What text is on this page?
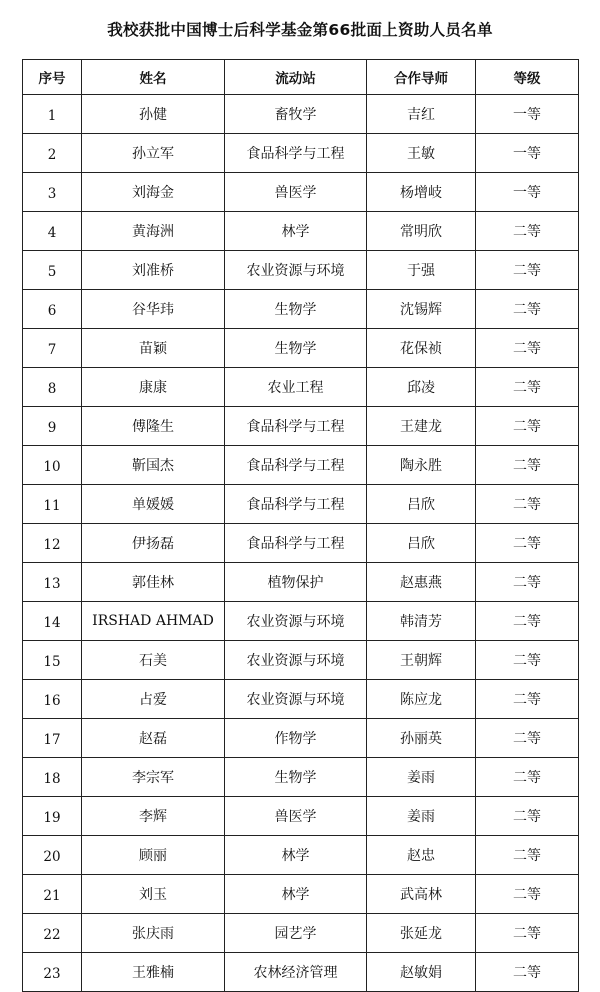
我校获批中国博士后科学基金第66批面上资助人员名单
序号	姓名	流动站	合作导师	等级
1	孙健	畜牧学	吉红	一等
2	孙立军	食品科学与工程	王敏	一等
3	刘海金	兽医学	杨增岐	一等
4	黄海洲	林学	常明欣	二等
5	刘准桥	农业资源与环境	于强	二等
6	谷华玮	生物学	沈锡辉	二等
7	苗颖	生物学	花保祯	二等
8	康康	农业工程	邱凌	二等
9	傅隆生	食品科学与工程	王建龙	二等
10	靳国杰	食品科学与工程	陶永胜	二等
11	单媛媛	食品科学与工程	吕欣	二等
12	伊扬磊	食品科学与工程	吕欣	二等
13	郭佳林	植物保护	赵惠燕	二等
14	IRSHAD AHMAD	农业资源与环境	韩清芳	二等
15	石美	农业资源与环境	王朝辉	二等
16	占爱	农业资源与环境	陈应龙	二等
17	赵磊	作物学	孙丽英	二等
18	李宗军	生物学	姜雨	二等
19	李辉	兽医学	姜雨	二等
20	顾丽	林学	赵忠	二等
21	刘玉	林学	武高林	二等
22	张庆雨	园艺学	张延龙	二等
23	王雅楠	农林经济管理	赵敏娟	二等
